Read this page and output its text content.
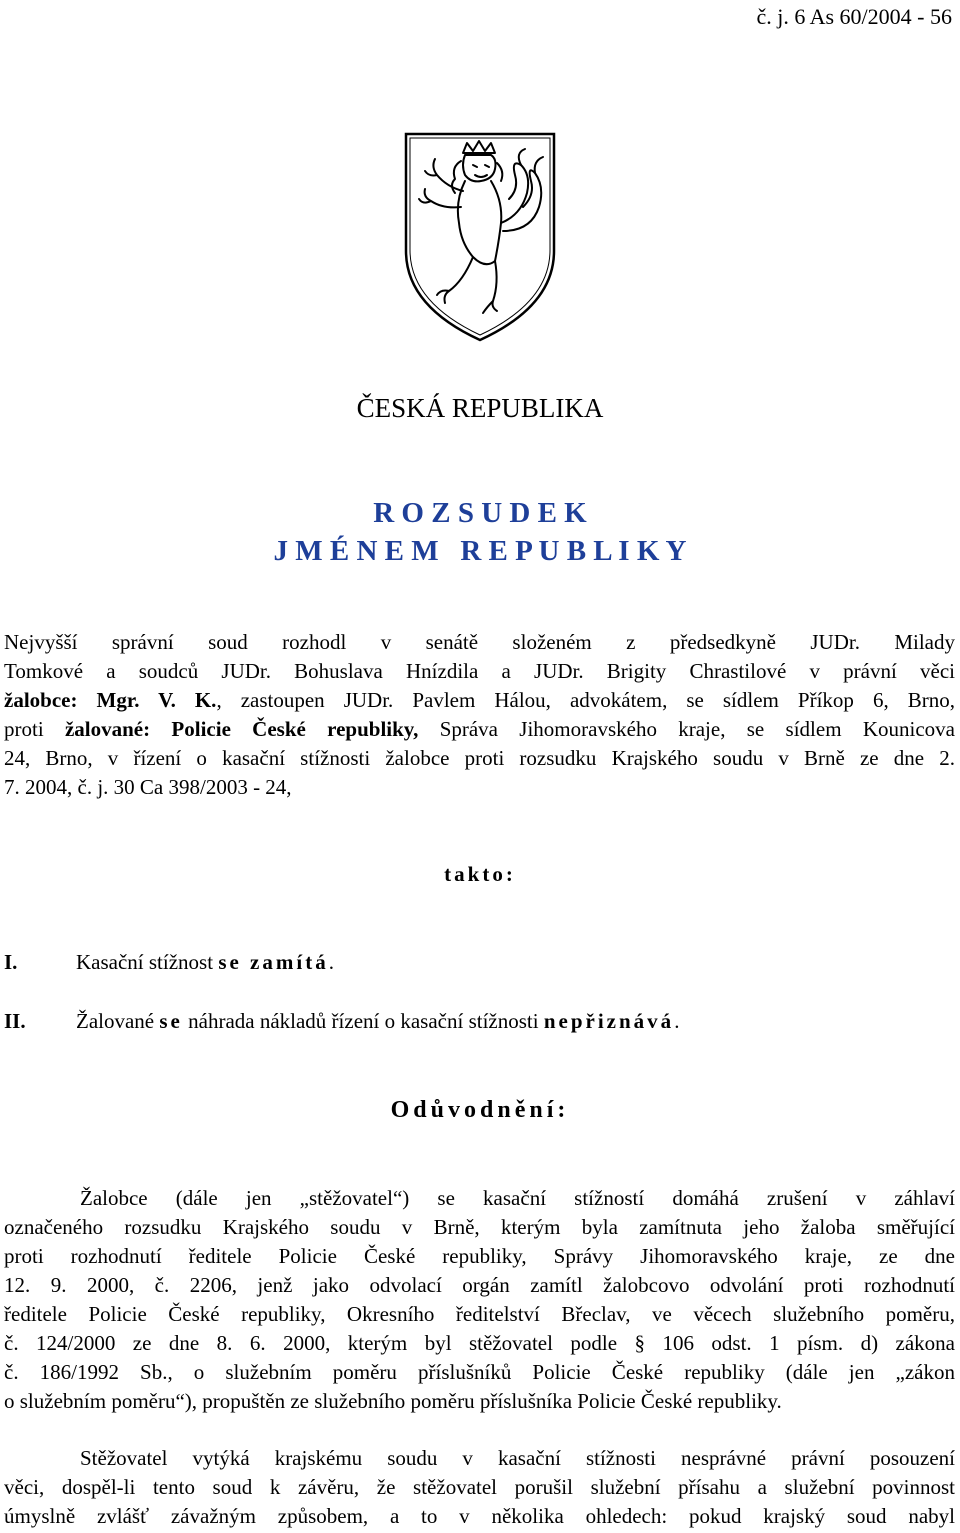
č. j. 6 As 60/2004 - 56
ČESKÁ REPUBLIKA
R O Z S U D E K
J M É N E M   R E P U B L I K Y
Nejvyšší správní soud rozhodl v senátě složeném z předsedkyně JUDr. Milady
Tomkové a soudců JUDr. Bohuslava Hnízdila a JUDr. Brigity Chrastilové v právní věci
žalobce: Mgr. V. K., zastoupen JUDr. Pavlem Hálou, advokátem, se sídlem Příkop 6, Brno,
proti žalované: Policie České republiky, Správa Jihomoravského kraje, se sídlem Kounicova
24, Brno, v řízení o kasační stížnosti žalobce proti rozsudku Krajského soudu v Brně ze dne 2.
7. 2004, č. j. 30 Ca 398/2003 - 24,
takto:
I.	Kasační stížnost se zamítá.
II. Žalované se náhrada nákladů řízení o kasační stížnosti nepřiznává.
Odůvodnění:
Žalobce (dále jen „stěžovatel“) se kasační stížností domáhá zrušení v záhlaví
označeného rozsudku Krajského soudu v Brně, kterým byla zamítnuta jeho žaloba směřující
proti rozhodnutí ředitele Policie České republiky, Správy Jihomoravského kraje, ze dne
12. 9. 2000, č. 2206, jenž jako odvolací orgán zamítl žalobcovo odvolání proti rozhodnutí
ředitele Policie České republiky, Okresního ředitelství Břeclav, ve věcech služebního poměru,
č. 124/2000 ze dne 8. 6. 2000, kterým byl stěžovatel podle § 106 odst. 1 písm. d) zákona
č. 186/1992 Sb., o služebním poměru příslušníků Policie České republiky (dále jen „zákon
o služebním poměru“), propuštěn ze služebního poměru příslušníka Policie České republiky.
Stěžovatel vytýká krajskému soudu v kasační stížnosti nesprávné právní posouzení
věci, dospěl-li tento soud k závěru, že stěžovatel porušil služební přísahu a služební povinnost
úmyslně zvlášť závažným způsobem, a to v několika ohledech: pokud krajský soud nabyl
